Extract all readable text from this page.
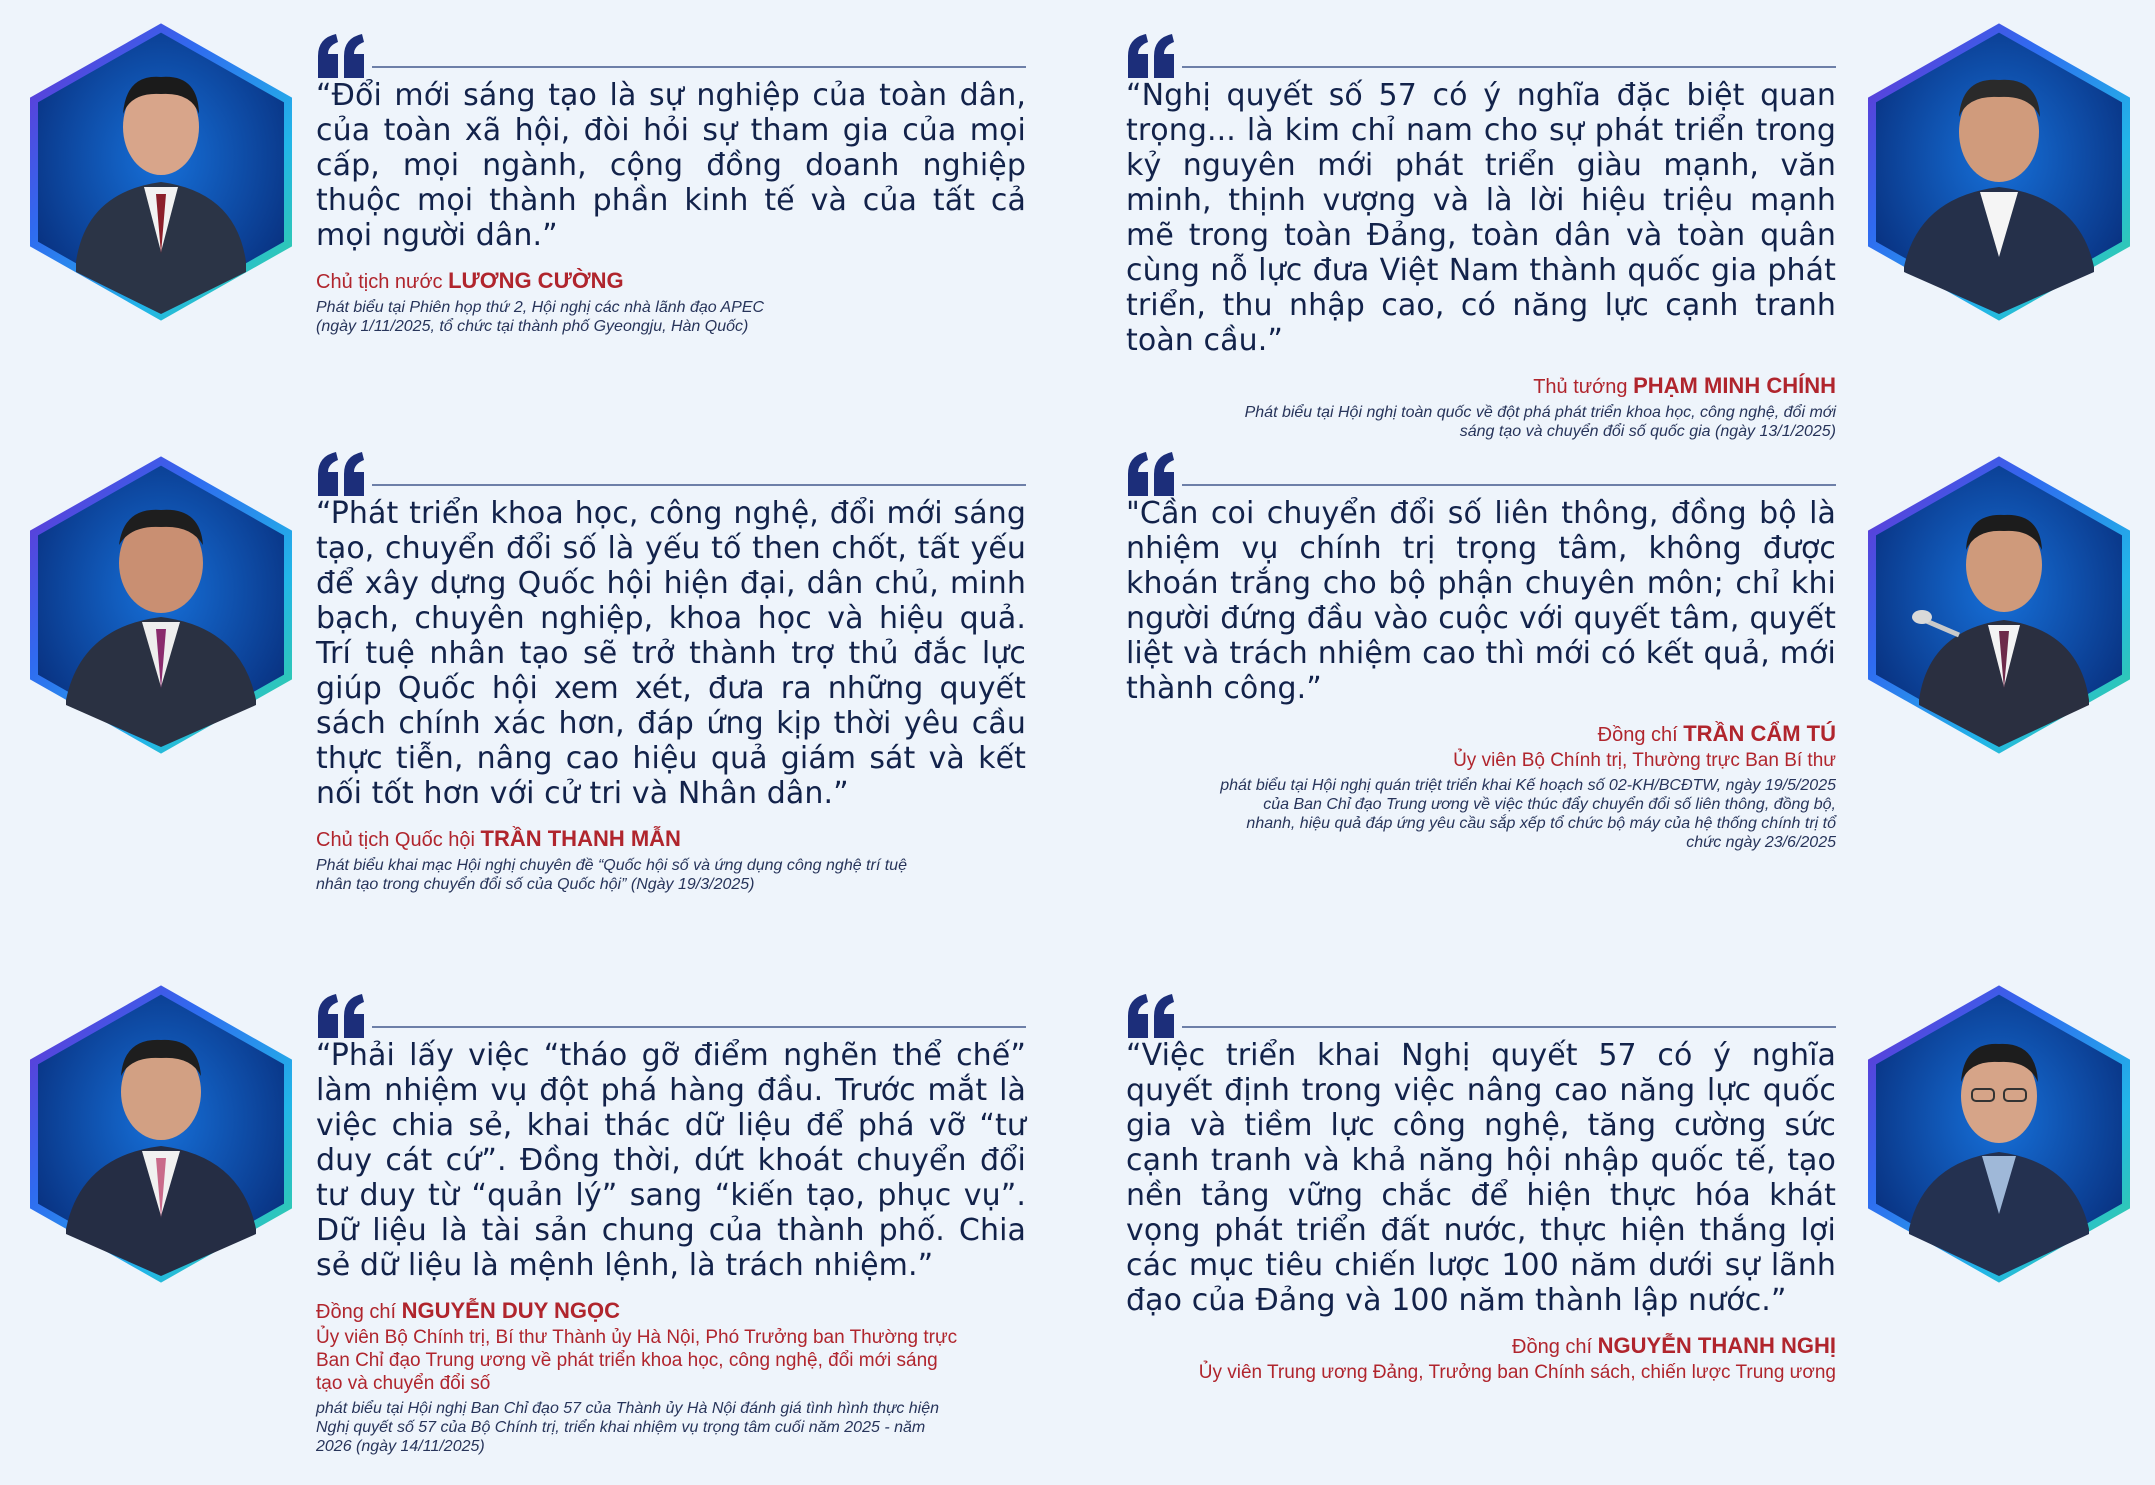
“Đổi mới sáng tạo là sự nghiệp của toàn dân, của toàn xã hội, đòi hỏi sự tham gia của mọi cấp, mọi ngành, cộng đồng doanh nghiệp thuộc mọi thành phần kinh tế và của tất cả mọi người dân.”

Chủ tịch nước LƯƠNG CƯỜNG
Phát biểu tại Phiên họp thứ 2, Hội nghị các nhà lãnh đạo APEC
(ngày 1/11/2025, tổ chức tại thành phố Gyeongju, Hàn Quốc)

“Nghị quyết số 57 có ý nghĩa đặc biệt quan trọng... là kim chỉ nam cho sự phát triển trong kỷ nguyên mới phát triển giàu mạnh, văn minh, thịnh vượng và là lời hiệu triệu mạnh mẽ trong toàn Đảng, toàn dân và toàn quân cùng nỗ lực đưa Việt Nam thành quốc gia phát triển, thu nhập cao, có năng lực cạnh tranh toàn cầu.”

Thủ tướng PHẠM MINH CHÍNH
Phát biểu tại Hội nghị toàn quốc về đột phá phát triển khoa học, công nghệ, đổi mới
sáng tạo và chuyển đổi số quốc gia (ngày 13/1/2025)

“Phát triển khoa học, công nghệ, đổi mới sáng tạo, chuyển đổi số là yếu tố then chốt, tất yếu để xây dựng Quốc hội hiện đại, dân chủ, minh bạch, chuyên nghiệp, khoa học và hiệu quả. Trí tuệ nhân tạo sẽ trở thành trợ thủ đắc lực giúp Quốc hội xem xét, đưa ra những quyết sách chính xác hơn, đáp ứng kịp thời yêu cầu thực tiễn, nâng cao hiệu quả giám sát và kết nối tốt hơn với cử tri và Nhân dân.”

Chủ tịch Quốc hội TRẦN THANH MẪN
Phát biểu khai mạc Hội nghị chuyên đề “Quốc hội số và ứng dụng công nghệ trí tuệ
nhân tạo trong chuyển đổi số của Quốc hội” (Ngày 19/3/2025)

"Cần coi chuyển đổi số liên thông, đồng bộ là nhiệm vụ chính trị trọng tâm, không được khoán trắng cho bộ phận chuyên môn; chỉ khi người đứng đầu vào cuộc với quyết tâm, quyết liệt và trách nhiệm cao thì mới có kết quả, mới thành công.”

Đồng chí TRẦN CẨM TÚ
Ủy viên Bộ Chính trị, Thường trực Ban Bí thư
phát biểu tại Hội nghị quán triệt triển khai Kế hoạch số 02-KH/BCĐTW, ngày 19/5/2025
của Ban Chỉ đạo Trung ương về việc thúc đẩy chuyển đổi số liên thông, đồng bộ,
nhanh, hiệu quả đáp ứng yêu cầu sắp xếp tổ chức bộ máy của hệ thống chính trị tổ
chức ngày 23/6/2025

“Phải lấy việc “tháo gỡ điểm nghẽn thể chế” làm nhiệm vụ đột phá hàng đầu. Trước mắt là việc chia sẻ, khai thác dữ liệu để phá vỡ “tư duy cát cứ”. Đồng thời, dứt khoát chuyển đổi tư duy từ “quản lý” sang “kiến tạo, phục vụ”. Dữ liệu là tài sản chung của thành phố. Chia sẻ dữ liệu là mệnh lệnh, là trách nhiệm.”

Đồng chí NGUYỄN DUY NGỌC
Ủy viên Bộ Chính trị, Bí thư Thành ủy Hà Nội, Phó Trưởng ban Thường trực
Ban Chỉ đạo Trung ương về phát triển khoa học, công nghệ, đổi mới sáng
tạo và chuyển đổi số
phát biểu tại Hội nghị Ban Chỉ đạo 57 của Thành ủy Hà Nội đánh giá tình hình thực hiện
Nghị quyết số 57 của Bộ Chính trị, triển khai nhiệm vụ trọng tâm cuối năm 2025 - năm
2026 (ngày 14/11/2025)

“Việc triển khai Nghị quyết 57 có ý nghĩa quyết định trong việc nâng cao năng lực quốc gia và tiềm lực công nghệ, tăng cường sức cạnh tranh và khả năng hội nhập quốc tế, tạo nền tảng vững chắc để hiện thực hóa khát vọng phát triển đất nước, thực hiện thắng lợi các mục tiêu chiến lược 100 năm dưới sự lãnh đạo của Đảng và 100 năm thành lập nước.”

Đồng chí NGUYỄN THANH NGHỊ
Ủy viên Trung ương Đảng, Trưởng ban Chính sách, chiến lược Trung ương
